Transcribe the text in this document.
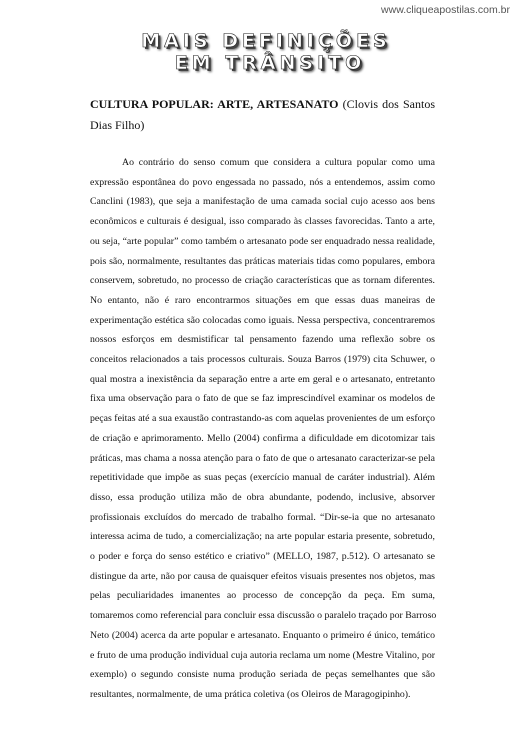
www.cliqueapostilas.com.br
MAIS DEFINIÇÕES
EM TRÂNSITO
CULTURA POPULAR: ARTE, ARTESANATO (Clovis dos Santos Dias Filho)
Ao contrário do senso comum que considera a cultura popular como uma
expressão espontânea do povo engessada no passado, nós a entendemos, assim como
Canclini (1983), que seja a manifestação de uma camada social cujo acesso aos bens
econômicos e culturais é desigual, isso comparado às classes favorecidas. Tanto a arte,
ou seja, “arte popular” como também o artesanato pode ser enquadrado nessa realidade,
pois são, normalmente, resultantes das práticas materiais tidas como populares, embora
conservem, sobretudo, no processo de criação características que as tornam diferentes.
No entanto, não é raro encontrarmos situações em que essas duas maneiras de
experimentação estética são colocadas como iguais. Nessa perspectiva, concentraremos
nossos esforços em desmistificar tal pensamento fazendo uma reflexão sobre os
conceitos relacionados a tais processos culturais. Souza Barros (1979) cita Schuwer, o
qual mostra a inexistência da separação entre a arte em geral e o artesanato, entretanto
fixa uma observação para o fato de que se faz imprescindível examinar os modelos de
peças feitas até a sua exaustão contrastando-as com aquelas provenientes de um esforço
de criação e aprimoramento. Mello (2004) confirma a dificuldade em dicotomizar tais
práticas, mas chama a nossa atenção para o fato de que o artesanato caracterizar-se pela
repetitividade que impõe as suas peças (exercício manual de caráter industrial). Além
disso, essa produção utiliza mão de obra abundante, podendo, inclusive, absorver
profissionais excluídos do mercado de trabalho formal. “Dir-se-ia que no artesanato
interessa acima de tudo, a comercialização; na arte popular estaria presente, sobretudo,
o poder e força do senso estético e criativo” (MELLO, 1987, p.512). O artesanato se
distingue da arte, não por causa de quaisquer efeitos visuais presentes nos objetos, mas
pelas peculiaridades imanentes ao processo de concepção da peça. Em suma,
tomaremos como referencial para concluir essa discussão o paralelo traçado por Barroso
Neto (2004) acerca da arte popular e artesanato. Enquanto o primeiro é único, temático
e fruto de uma produção individual cuja autoria reclama um nome (Mestre Vitalino, por
exemplo) o segundo consiste numa produção seriada de peças semelhantes que são
resultantes, normalmente, de uma prática coletiva (os Oleiros de Maragogipinho).
